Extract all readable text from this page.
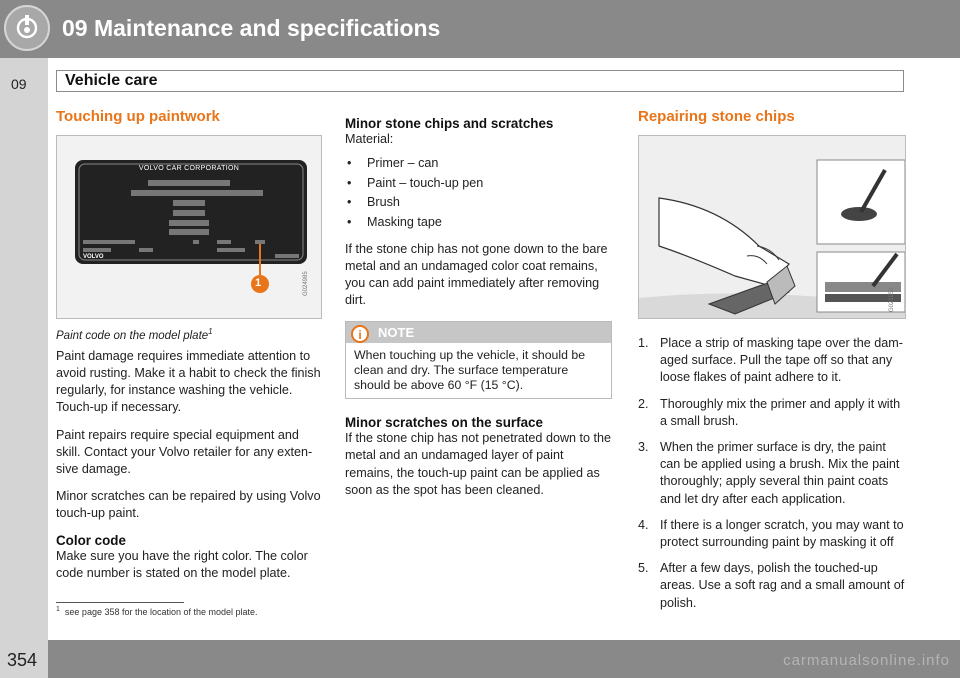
09 Maintenance and specifications
09 Vehicle care
Touching up paintwork
VOLVO CAR CORPORATION
VOLVO
1	G024985
Paint code on the model plate$^1$

Paint damage requires immediate attention to avoid rusting. Make it a habit to check the finish regularly, for instance washing the vehicle. Touch-up if necessary.

Paint repairs require special equipment and skill. Contact your Volvo retailer for any exten-sive damage.

Minor scratches can be repaired by using Volvo touch-up paint.

Color code

Make sure you have the right color. The color code number is stated on the model plate.

Minor stone chips and scratches

Material:

• Primer – can
• Paint – touch-up pen
• Brush
• Masking tape

If the stone chip has not gone down to the bare metal and an undamaged color coat remains, you can add paint immediately after removing dirt.

i	NOTE
When touching up the vehicle, it should be clean and dry. The surface temperature should be above 60 °F (15 °C).
Minor scratches on the surface

If the stone chip has not penetrated down to the metal and an undamaged layer of paint remains, the touch-up paint can be applied as soon as the spot has been cleaned.

Repairing stone chips
G021052
1. Place a strip of masking tape over the dam-aged surface. Pull the tape off so that any loose flakes of paint adhere to it.
2. Thoroughly mix the primer and apply it with a small brush.
3. When the primer surface is dry, the paint can be applied using a brush. Mix the paint thoroughly; apply several thin paint coats and let dry after each application.
4. If there is a longer scratch, you may want to protect surrounding paint by masking it off
5. After a few days, polish the touched-up areas. Use a soft rag and a small amount of polish.
$^1$ see page 358 for the location of the model plate.
354	carmanualsonline.info
